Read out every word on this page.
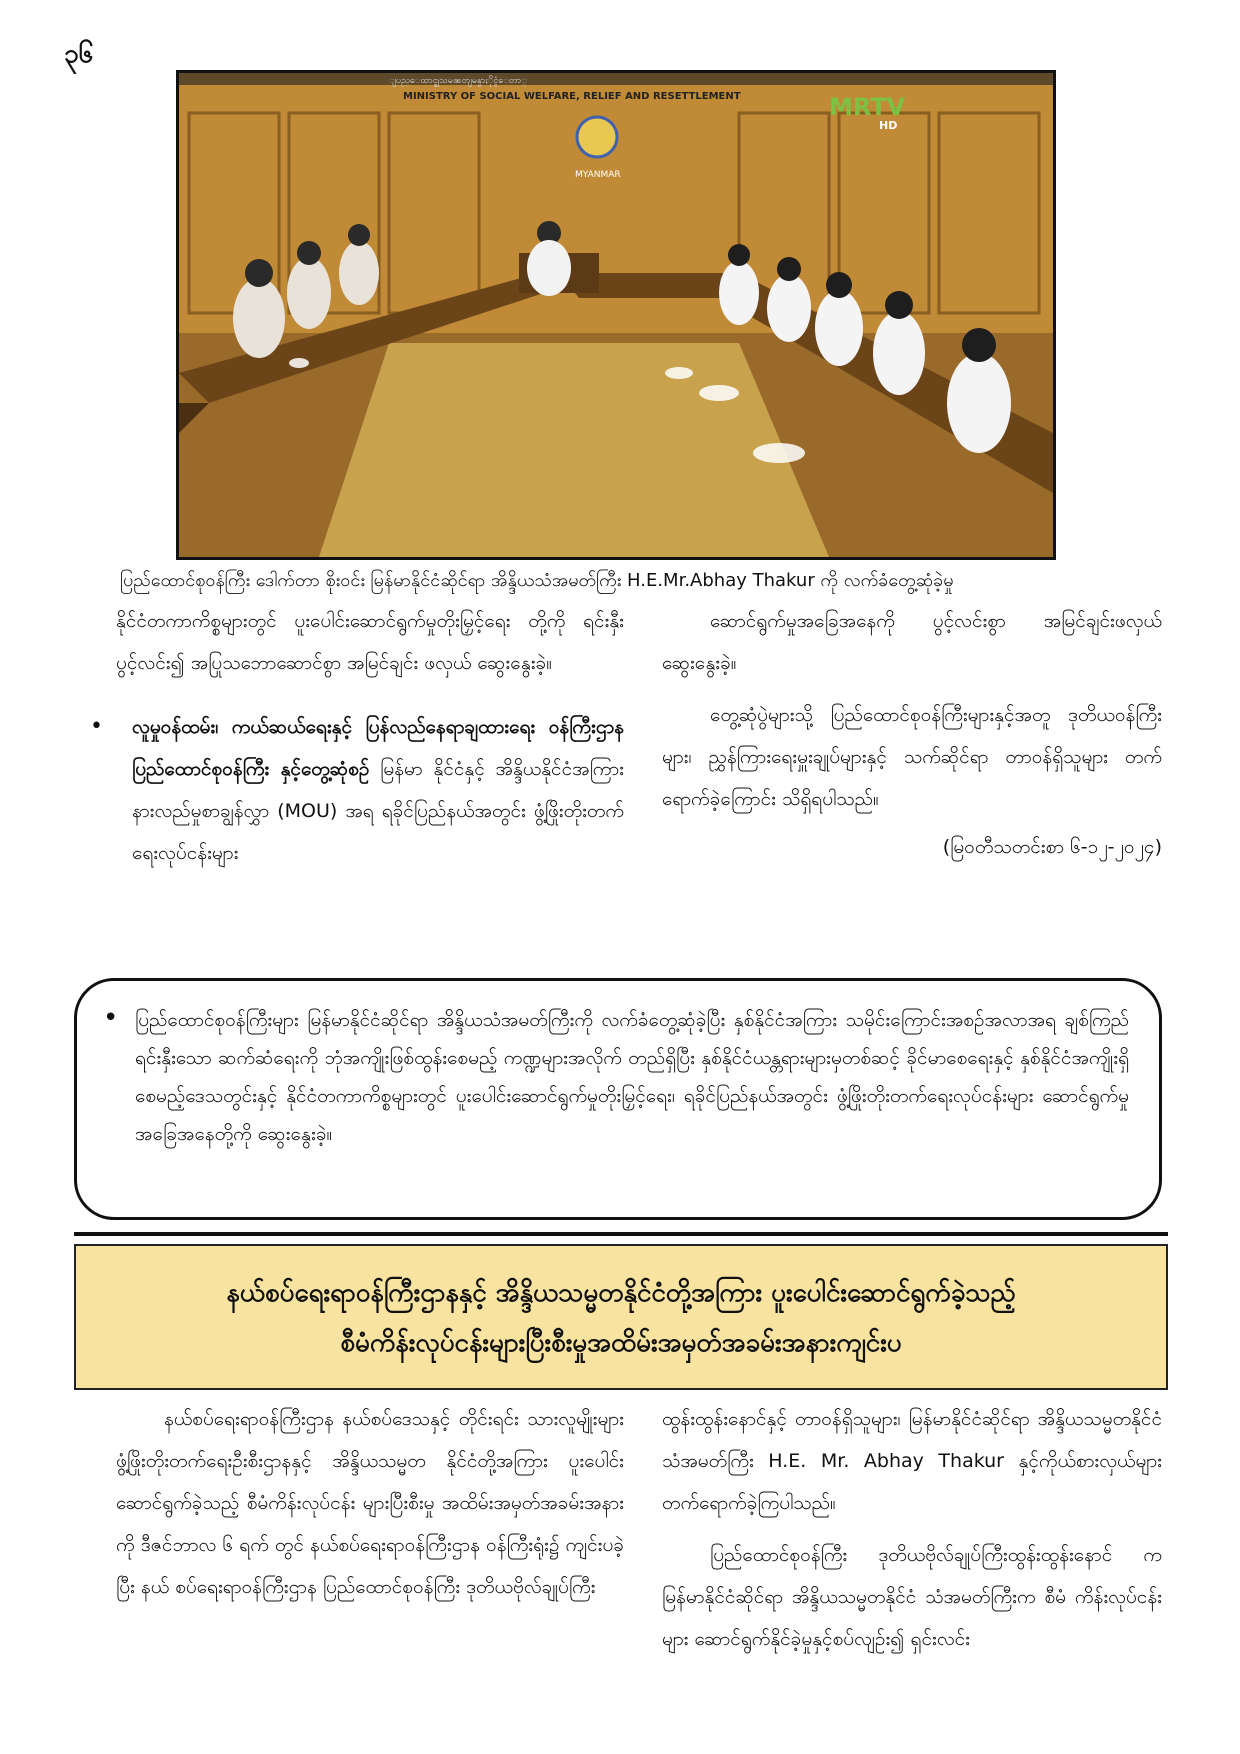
၃၆
ျပည္ေထာင္စုသမၼတျမန္မာႏိုင္ငံေတာ္
MINISTRY OF SOCIAL WELFARE, RELIEF AND RESETTLEMENT
MYANMAR
MRTV
HD
ပြည်ထောင်စုဝန်ကြီး ဒေါက်တာ စိုးဝင်း မြန်မာနိုင်ငံဆိုင်ရာ အိန္ဒိယသံအမတ်ကြီး H.E.Mr.Abhay Thakur ကို လက်ခံတွေ့ဆုံခဲ့မှု

နိုင်ငံတကာကိစ္စများတွင် ပူးပေါင်းဆောင်ရွက်မှုတိုးမြှင့်ရေး တို့ကို ရင်းနှီးပွင့်လင်း၍ အပြုသဘောဆောင်စွာ အမြင်ချင်း ဖလှယ် ဆွေးနွေးခဲ့။

• လူမှုဝန်ထမ်း၊ ကယ်ဆယ်ရေးနှင့် ပြန်လည်နေရာချထားရေး ဝန်ကြီးဌာန ပြည်ထောင်စုဝန်ကြီး နှင့်တွေ့ဆုံစဉ် မြန်မာ နိုင်ငံနှင့် အိန္ဒိယနိုင်ငံအကြား နားလည်မှုစာချွန်လွှာ (MOU) အရ ရခိုင်ပြည်နယ်အတွင်း ဖွံ့ဖြိုးတိုးတက်ရေးလုပ်ငန်းများ

ဆောင်ရွက်မှုအခြေအနေကို ပွင့်လင်းစွာ အမြင်ချင်းဖလှယ် ဆွေးနွေးခဲ့။

တွေ့ဆုံပွဲများသို့ ပြည်ထောင်စုဝန်ကြီးများနှင့်အတူ ဒုတိယဝန်ကြီးများ၊ ညွှန်ကြားရေးမှူးချုပ်များနှင့် သက်ဆိုင်ရာ တာဝန်ရှိသူများ တက်ရောက်ခဲ့ကြောင်း သိရှိရပါသည်။

(မြဝတီသတင်းစာ ၆-၁၂-၂၀၂၄)

• ပြည်ထောင်စုဝန်ကြီးများ မြန်မာနိုင်ငံဆိုင်ရာ အိန္ဒိယသံအမတ်ကြီးကို လက်ခံတွေ့ဆုံခဲ့ပြီး နှစ်နိုင်ငံအကြား သမိုင်းကြောင်းအစဉ်အလာအရ ချစ်ကြည်ရင်းနှီးသော ဆက်ဆံရေးကို ဘုံအကျိုးဖြစ်ထွန်းစေမည့် ကဏ္ဍများအလိုက် တည်ရှိပြီး နှစ်နိုင်ငံယန္တရားများမှတစ်ဆင့် ခိုင်မာစေရေးနှင့် နှစ်နိုင်ငံအကျိုးရှိစေမည့်ဒေသတွင်းနှင့် နိုင်ငံတကာကိစ္စများတွင် ပူးပေါင်းဆောင်ရွက်မှုတိုးမြှင့်ရေး၊ ရခိုင်ပြည်နယ်အတွင်း ဖွံ့ဖြိုးတိုးတက်ရေးလုပ်ငန်းများ ဆောင်ရွက်မှုအခြေအနေတို့ကို ဆွေးနွေးခဲ့။
နယ်စပ်ရေးရာဝန်ကြီးဌာနနှင့် အိန္ဒိယသမ္မတနိုင်ငံတို့အကြား ပူးပေါင်းဆောင်ရွက်ခဲ့သည့်
စီမံကိန်းလုပ်ငန်းများပြီးစီးမှုအထိမ်းအမှတ်အခမ်းအနားကျင်းပ

နယ်စပ်ရေးရာဝန်ကြီးဌာန နယ်စပ်ဒေသနှင့် တိုင်းရင်း သားလူမျိုးများ ဖွံ့ဖြိုးတိုးတက်ရေးဦးစီးဌာနနှင့် အိန္ဒိယသမ္မတ နိုင်ငံတို့အကြား ပူးပေါင်းဆောင်ရွက်ခဲ့သည့် စီမံကိန်းလုပ်ငန်း များပြီးစီးမှု အထိမ်းအမှတ်အခမ်းအနားကို ဒီဇင်ဘာလ ၆ ရက် တွင် နယ်စပ်ရေးရာဝန်ကြီးဌာန ဝန်ကြီးရုံး၌ ကျင်းပခဲ့ပြီး နယ် စပ်ရေးရာဝန်ကြီးဌာန ပြည်ထောင်စုဝန်ကြီး ဒုတိယဗိုလ်ချုပ်ကြီး

ထွန်းထွန်းနောင်နှင့် တာဝန်ရှိသူများ၊ မြန်မာနိုင်ငံဆိုင်ရာ အိန္ဒိယသမ္မတနိုင်ငံသံအမတ်ကြီး H.E. Mr. Abhay Thakur နှင့်ကိုယ်စားလှယ်များ တက်ရောက်ခဲ့ကြပါသည်။

ပြည်ထောင်စုဝန်ကြီး ဒုတိယဗိုလ်ချုပ်ကြီးထွန်းထွန်းနောင် က မြန်မာနိုင်ငံဆိုင်ရာ အိန္ဒိယသမ္မတနိုင်ငံ သံအမတ်ကြီးက စီမံ ကိန်းလုပ်ငန်းများ ဆောင်ရွက်နိုင်ခဲ့မှုနှင့်စပ်လျဉ်း၍ ရှင်းလင်း
